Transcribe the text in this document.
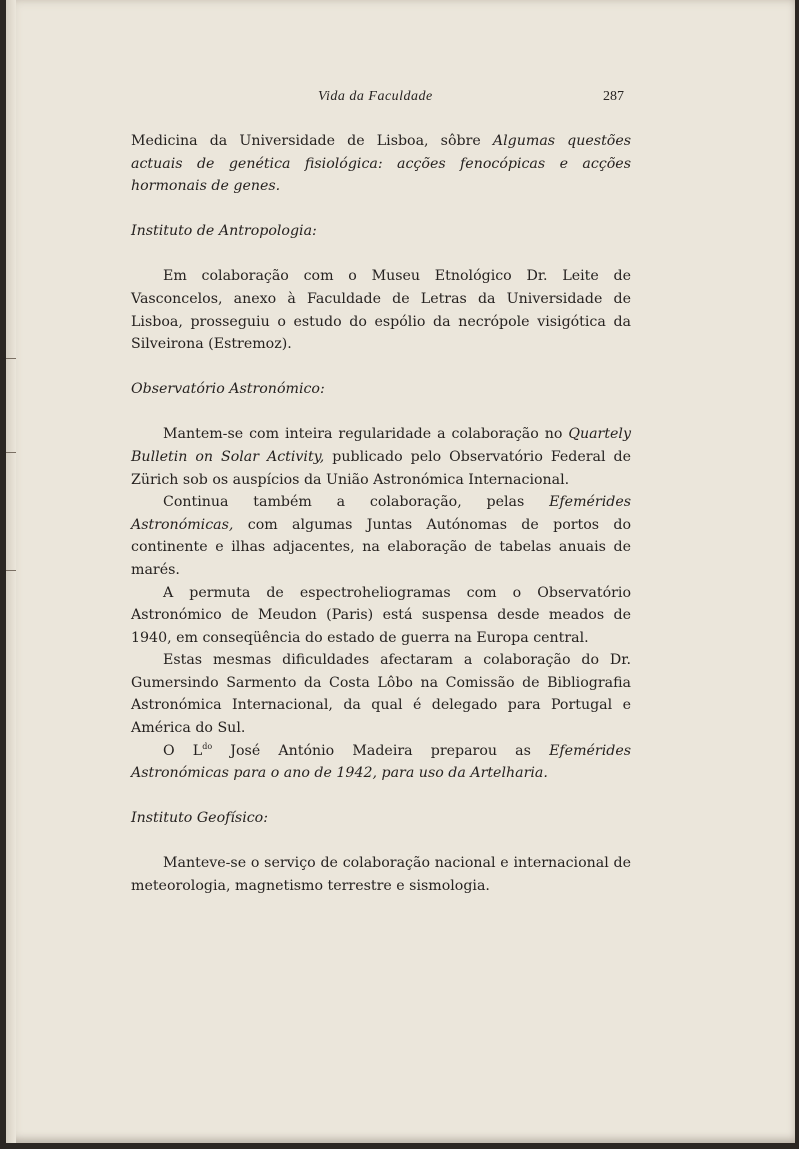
Vida da Faculdade	287

Medicina da Universidade de Lisboa, sôbre Algumas questões actuais de genética fisiológica: acções fenocópicas e acções hormonais de genes.

Instituto de Antropologia:

Em colaboração com o Museu Etnológico Dr. Leite de Vasconcelos, anexo à Faculdade de Letras da Universidade de Lisboa, prosseguiu o estudo do espólio da necrópole visigótica da Silveirona (Estremoz).

Observatório Astronómico:

Mantem-se com inteira regularidade a colaboração no Quartely Bulletin on Solar Activity, publicado pelo Observatório Federal de Zürich sob os auspícios da União Astronómica Internacional.

Continua também a colaboração, pelas Efemérides Astronómicas, com algumas Juntas Autónomas de portos do continente e ilhas adjacentes, na elaboração de tabelas anuais de marés.

A permuta de espectroheliogramas com o Observatório Astronómico de Meudon (Paris) está suspensa desde meados de 1940, em conseqüência do estado de guerra na Europa central.

Estas mesmas dificuldades afectaram a colaboração do Dr. Gumersindo Sarmento da Costa Lôbo na Comissão de Bibliografia Astronómica Internacional, da qual é delegado para Portugal e América do Sul.

O $L^{do}$ José António Madeira preparou as Efemérides Astronómicas para o ano de 1942, para uso da Artelharia.

Instituto Geofísico:

Manteve-se o serviço de colaboração nacional e internacional de meteorologia, magnetismo terrestre e sismologia.
